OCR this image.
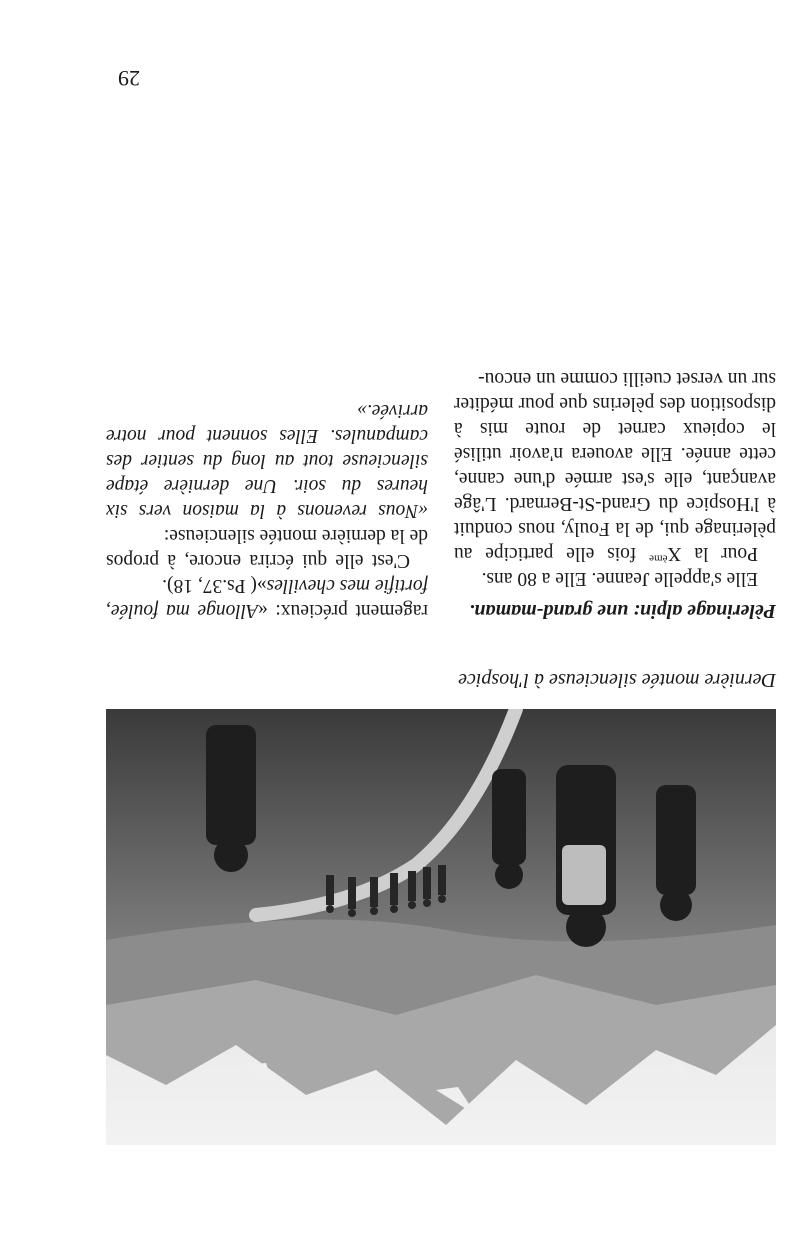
Dernière montée silencieuse à l'hospice

Pèlerinage alpin: une grand-maman.

Elle s'appelle Jeanne. Elle a 80 ans.

Pour la Xème fois elle participe au pèlerinage qui, de la Fouly, nous conduit à l'Hospice du Grand-St-Bernard. L'âge avançant, elle s'est armée d'une canne, cette année. Elle avouera n'avoir utilisé le copieux carnet de route mis à disposition des pèlerins que pour méditer sur un verset cueilli comme un encou-

ragement précieux: «Allonge ma foulée, fortifie mes chevilles»( Ps.37, 18).

C'est elle qui écrira encore, à propos de la dernière montée silencieuse:

«Nous revenons à la maison vers six heures du soir. Une dernière étape silencieuse tout au long du sentier des campanules. Elles sonnent pour notre arrivée.»

29
